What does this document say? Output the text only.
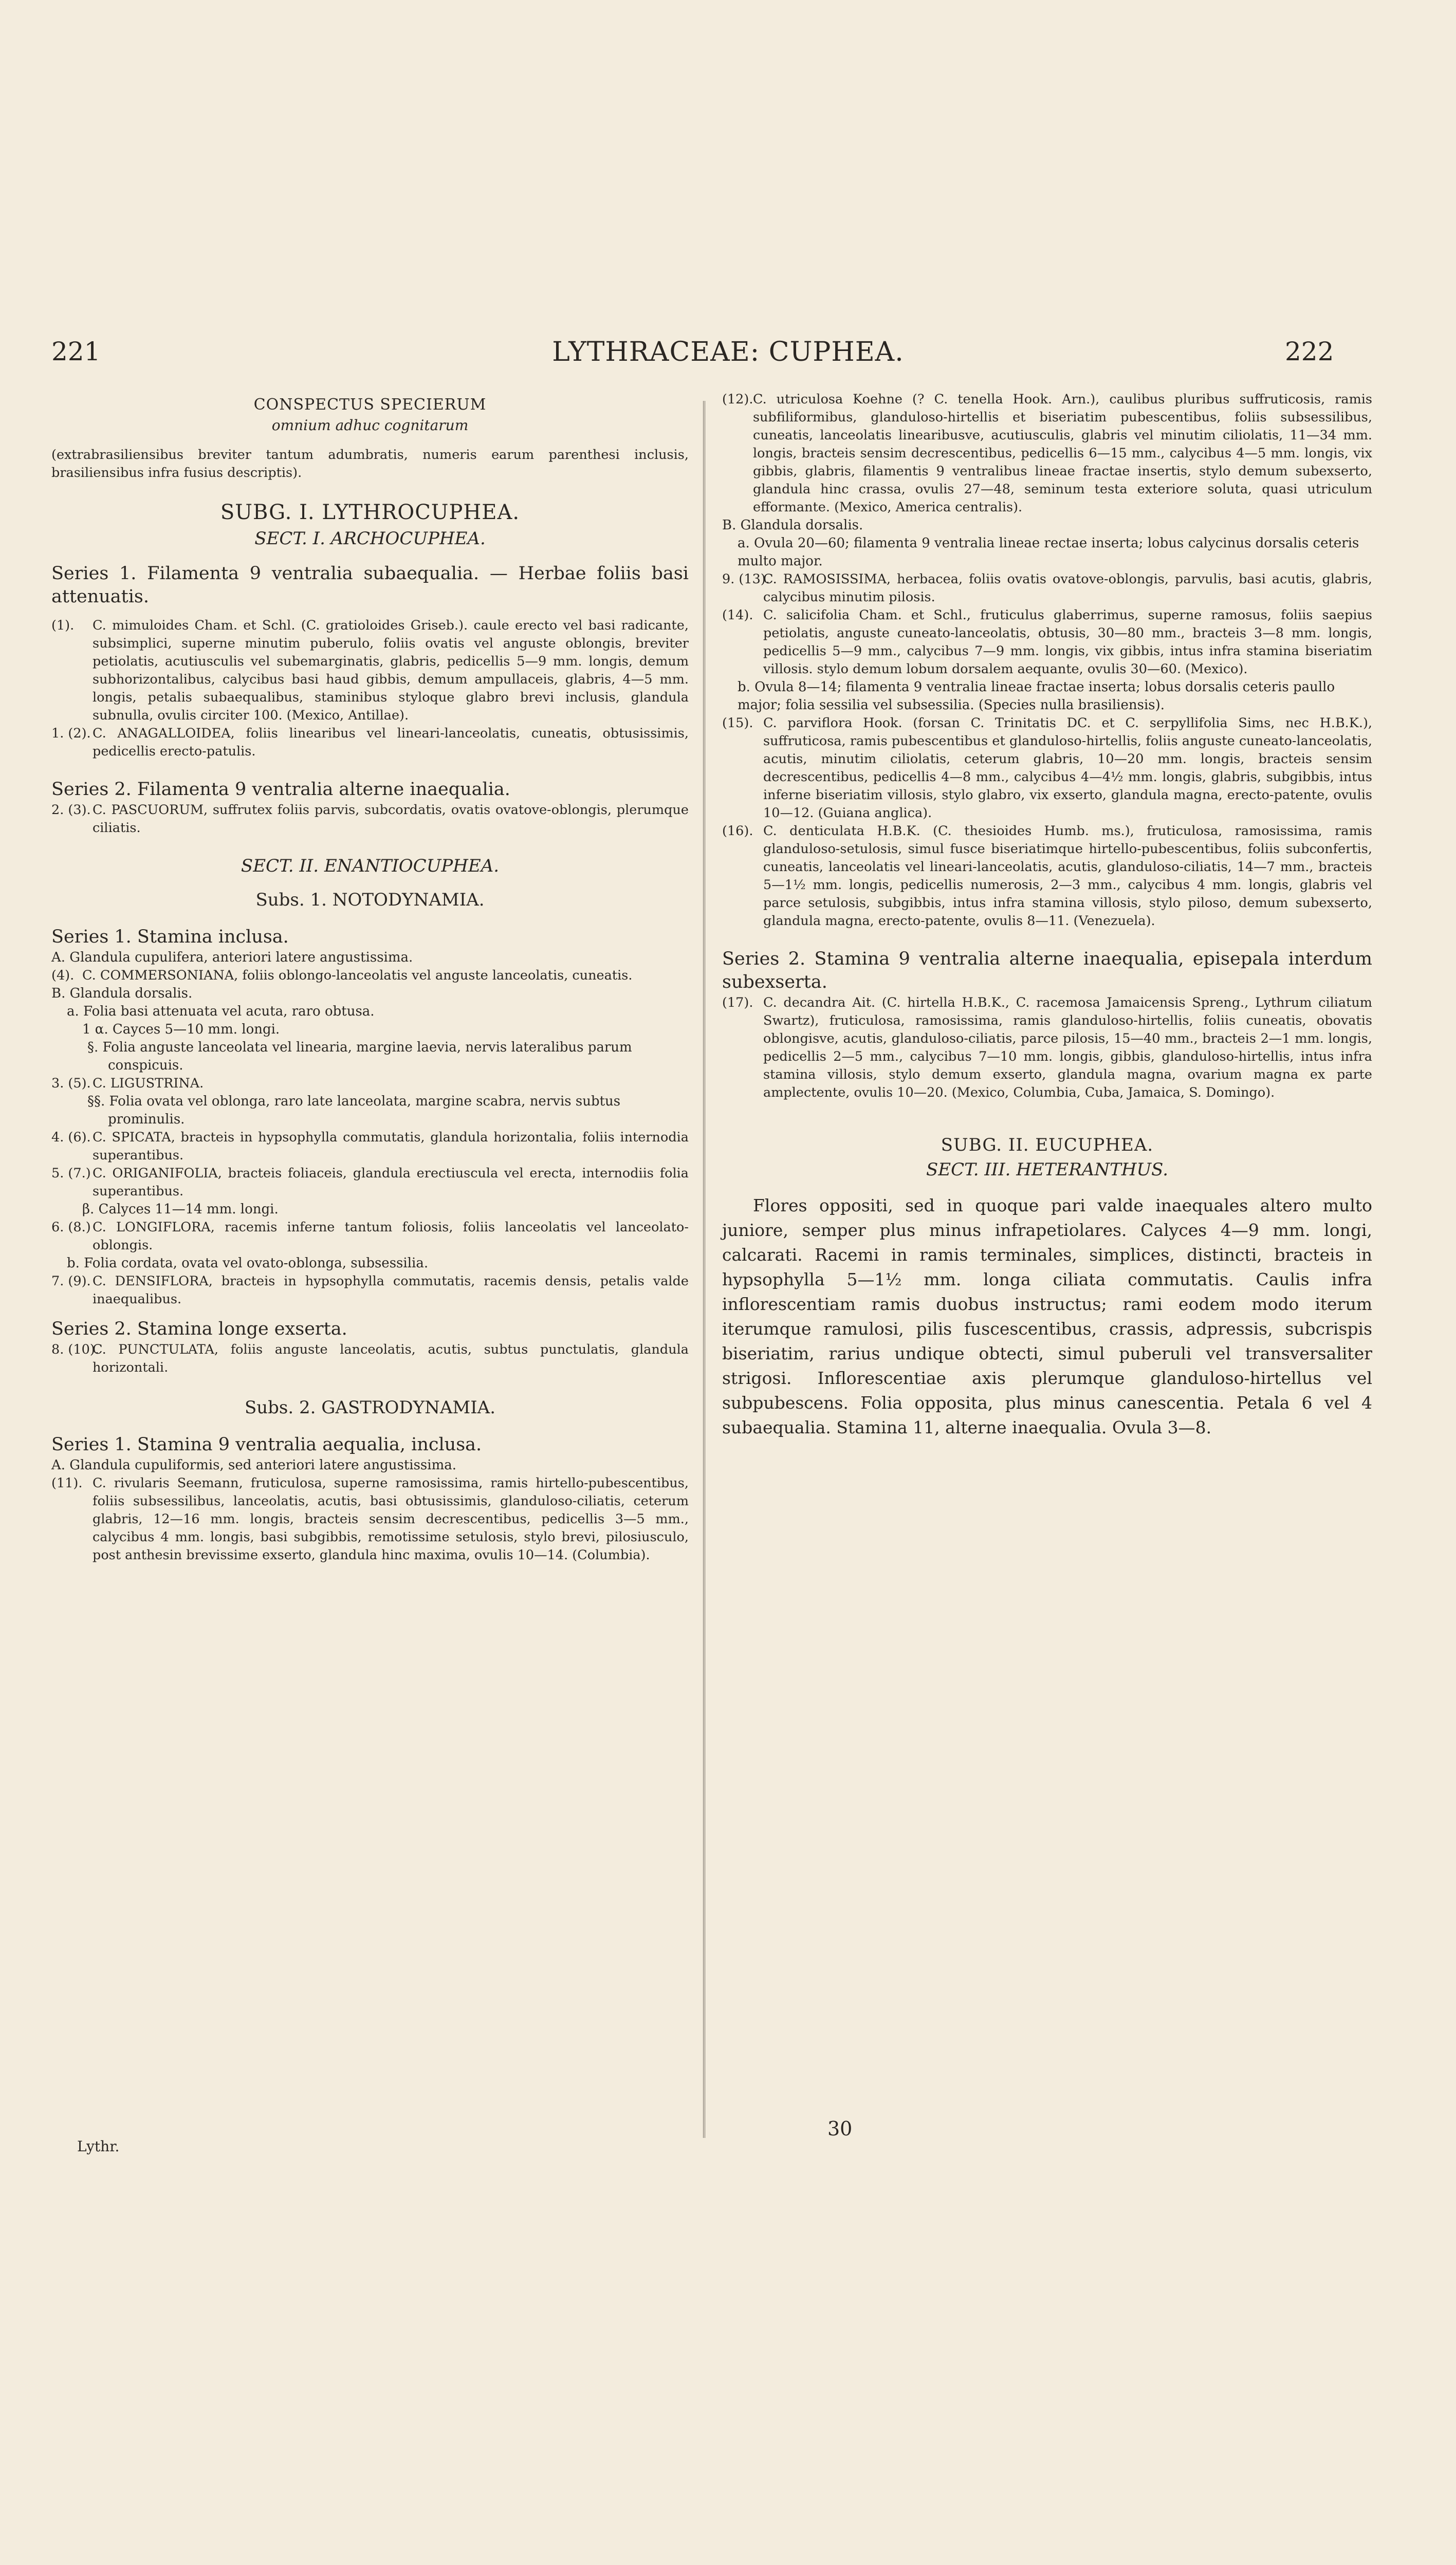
221	LYTHRACEAE: CUPHEA.	222
CONSPECTUS SPECIERUM
omnium adhuc cognitarum

(extrabrasiliensibus breviter tantum adumbratis, numeris earum parenthesi inclusis, brasiliensibus infra fusius descriptis).

SUBG. I. LYTHROCUPHEA.
SECT. I. ARCHOCUPHEA.

Series 1. Filamenta 9 ventralia subaequalia. — Herbae foliis basi attenuatis.

(1). C. mimuloides Cham. et Schl. (C. gratioloides Griseb.). caule erecto vel basi radicante, subsimplici, superne minutim puberulo, foliis ovatis vel anguste oblongis, breviter petiolatis, acutiusculis vel subemarginatis, glabris, pedicellis 5—9 mm. longis, demum subhorizontalibus, calycibus basi haud gibbis, demum ampullaceis, glabris, 4—5 mm. longis, petalis subaequalibus, staminibus styloque glabro brevi inclusis, glandula subnulla, ovulis circiter 100. (Mexico, Antillae).
1. (2). C. ANAGALLOIDEA, foliis linearibus vel lineari-lanceolatis, cuneatis, obtusissimis, pedicellis erecto-patulis.

Series 2. Filamenta 9 ventralia alterne inaequalia.

2. (3). C. PASCUORUM, suffrutex foliis parvis, subcordatis, ovatis ovatove-oblongis, plerumque ciliatis.
SECT. II. ENANTIOCUPHEA.
Subs. 1. NOTODYNAMIA.

Series 1. Stamina inclusa.

A. Glandula cupulifera, anteriori latere angustissima.
(4). C. COMMERSONIANA, foliis oblongo-lanceolatis vel anguste lanceolatis, cuneatis.
B. Glandula dorsalis.
a. Folia basi attenuata vel acuta, raro obtusa.
1 α. Cayces 5—10 mm. longi.
§. Folia anguste lanceolata vel linearia, margine laevia, nervis lateralibus parum conspicuis.
3. (5). C. LIGUSTRINA.
§§. Folia ovata vel oblonga, raro late lanceolata, margine scabra, nervis subtus prominulis.
4. (6). C. SPICATA, bracteis in hypsophylla commutatis, glandula horizontalia, foliis internodia superantibus.
5. (7.) C. ORIGANIFOLIA, bracteis foliaceis, glandula erectiuscula vel erecta, internodiis folia superantibus.
β. Calyces 11—14 mm. longi.
6. (8.) C. LONGIFLORA, racemis inferne tantum foliosis, foliis lanceolatis vel lanceolato-oblongis.
b. Folia cordata, ovata vel ovato-oblonga, subsessilia.
7. (9). C. DENSIFLORA, bracteis in hypsophylla commutatis, racemis densis, petalis valde inaequalibus.

Series 2. Stamina longe exserta.

8. (10).
C. PUNCTULATA, foliis anguste lanceolatis, acutis, subtus punctulatis, glandula horizontali.
Subs. 2. GASTRODYNAMIA.

Series 1. Stamina 9 ventralia aequalia, inclusa.

A. Glandula cupuliformis, sed anteriori latere angustissima.
(11). C. rivularis Seemann, fruticulosa, superne ramosissima, ramis hirtello-pubescentibus, foliis subsessilibus, lanceolatis, acutis, basi obtusissimis, glanduloso-ciliatis, ceterum glabris, 12—16 mm. longis, bracteis sensim decrescentibus, pedicellis 3—5 mm., calycibus 4 mm. longis, basi subgibbis, remotissime setulosis, stylo brevi, pilosiusculo, post anthesin brevissime exserto, glandula hinc maxima, ovulis 10—14. (Columbia).
Lythr.
(12). C. utriculosa Koehne (? C. tenella Hook. Arn.), caulibus pluribus suffruticosis, ramis subfiliformibus, glanduloso-hirtellis et biseriatim pubescentibus, foliis subsessilibus, cuneatis, lanceolatis linearibusve, acutiusculis, glabris vel minutim ciliolatis, 11—34 mm. longis, bracteis sensim decrescentibus, pedicellis 6—15 mm., calycibus 4—5 mm. longis, vix gibbis, glabris, filamentis 9 ventralibus lineae fractae insertis, stylo demum subexserto, glandula hinc crassa, ovulis 27—48, seminum testa exteriore soluta, quasi utriculum efformante. (Mexico, America centralis).
B. Glandula dorsalis.
a. Ovula 20—60; filamenta 9 ventralia lineae rectae inserta; lobus calycinus dorsalis ceteris multo major.
9. (13).
C. RAMOSISSIMA, herbacea, foliis ovatis ovatove-oblongis, parvulis, basi acutis, glabris, calycibus minutim pilosis.
(14). C. salicifolia Cham. et Schl., fruticulus glaberrimus, superne ramosus, foliis saepius petiolatis, anguste cuneato-lanceolatis, obtusis, 30—80 mm., bracteis 3—8 mm. longis, pedicellis 5—9 mm., calycibus 7—9 mm. longis, vix gibbis, intus infra stamina biseriatim villosis. stylo demum lobum dorsalem aequante, ovulis 30—60. (Mexico).
b. Ovula 8—14; filamenta 9 ventralia lineae fractae inserta; lobus dorsalis ceteris paullo major; folia sessilia vel subsessilia. (Species nulla brasiliensis).
(15). C. parviflora Hook. (forsan C. Trinitatis DC. et C. serpyllifolia Sims, nec H.B.K.), suffruticosa, ramis pubescentibus et glanduloso-hirtellis, foliis anguste cuneato-lanceolatis, acutis, minutim ciliolatis, ceterum glabris, 10—20 mm. longis, bracteis sensim decrescentibus, pedicellis 4—8 mm., calycibus 4—4½ mm. longis, glabris, subgibbis, intus inferne biseriatim villosis, stylo glabro, vix exserto, glandula magna, erecto-patente, ovulis 10—12. (Guiana anglica).
(16). C. denticulata H.B.K. (C. thesioides Humb. ms.), fruticulosa, ramosissima, ramis glanduloso-setulosis, simul fusce biseriatimque hirtello-pubescentibus, foliis subconfertis, cuneatis, lanceolatis vel lineari-lanceolatis, acutis, glanduloso-ciliatis, 14—7 mm., bracteis 5—1½ mm. longis, pedicellis numerosis, 2—3 mm., calycibus 4 mm. longis, glabris vel parce setulosis, subgibbis, intus infra stamina villosis, stylo piloso, demum subexserto, glandula magna, erecto-patente, ovulis 8—11. (Venezuela).

Series 2. Stamina 9 ventralia alterne inaequalia, episepala interdum subexserta.

(17). C. decandra Ait. (C. hirtella H.B.K., C. racemosa Jamaicensis Spreng., Lythrum ciliatum Swartz), fruticulosa, ramosissima, ramis glanduloso-hirtellis, foliis cuneatis, obovatis oblongisve, acutis, glanduloso-ciliatis, parce pilosis, 15—40 mm., bracteis 2—1 mm. longis, pedicellis 2—5 mm., calycibus 7—10 mm. longis, gibbis, glanduloso-hirtellis, intus infra stamina villosis, stylo demum exserto, glandula magna, ovarium magna ex parte amplectente, ovulis 10—20. (Mexico, Columbia, Cuba, Jamaica, S. Domingo).
SUBG. II. EUCUPHEA.
SECT. III. HETERANTHUS.

Flores oppositi, sed in quoque pari valde inaequales altero multo juniore, semper plus minus infrapetiolares. Calyces 4—9 mm. longi, calcarati. Racemi in ramis terminales, simplices, distincti, bracteis in hypsophylla 5—1½ mm. longa ciliata commutatis. Caulis infra inflorescentiam ramis duobus instructus; rami eodem modo iterum iterumque ramulosi, pilis fuscescentibus, crassis, adpressis, subcrispis biseriatim, rarius undique obtecti, simul puberuli vel transversaliter strigosi. Inflorescentiae axis plerumque glanduloso-hirtellus vel subpubescens. Folia opposita, plus minus canescentia. Petala 6 vel 4 subaequalia. Stamina 11, alterne inaequalia. Ovula 3—8.

30
